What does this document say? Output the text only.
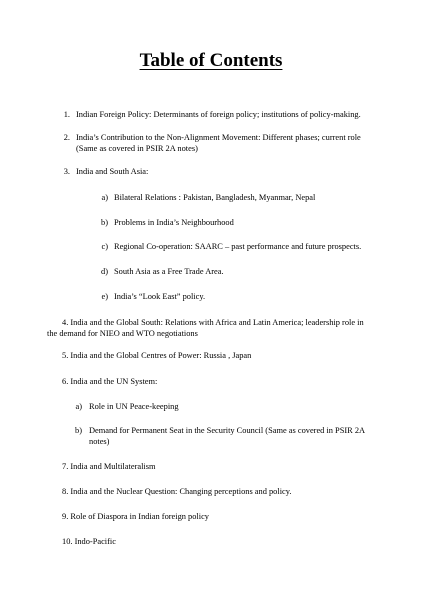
Table of Contents
1. Indian Foreign Policy: Determinants of foreign policy; institutions of policy-making.
2. India’s Contribution to the Non-Alignment Movement: Different phases; current role
(Same as covered in PSIR 2A notes)
3. India and South Asia:
a) Bilateral Relations : Pakistan, Bangladesh, Myanmar, Nepal
b) Problems in India’s Neighbourhood
c) Regional Co-operation: SAARC – past performance and future prospects.
d) South Asia as a Free Trade Area.
e) India’s “Look East” policy.
4. India and the Global South: Relations with Africa and Latin America; leadership role in
the demand for NIEO and WTO negotiations
5. India and the Global Centres of Power: Russia , Japan
6. India and the UN System:
a) Role in UN Peace-keeping
b) Demand for Permanent Seat in the Security Council (Same as covered in PSIR 2A
notes)
7. India and Multilateralism
8. India and the Nuclear Question: Changing perceptions and policy.
9. Role of Diaspora in Indian foreign policy
10. Indo-Pacific
